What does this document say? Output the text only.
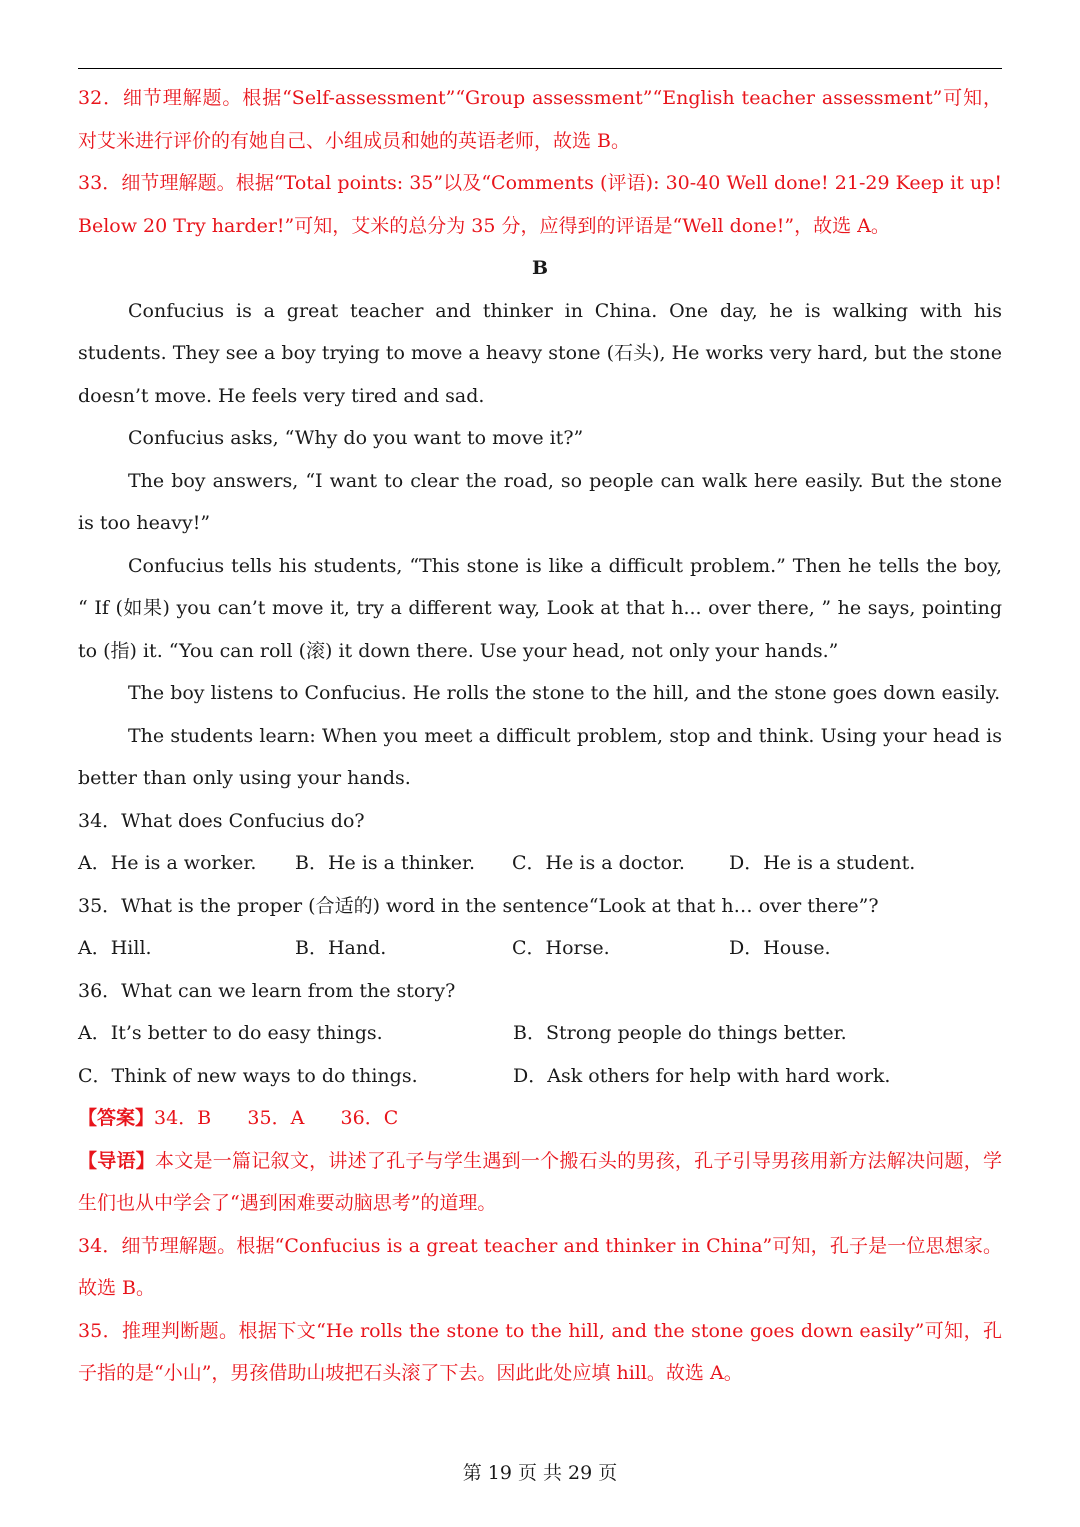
32．细节理解题。根据“Self-assessment”“Group assessment”“English teacher assessment”可知，对艾米进行评价的有她自己、小组成员和她的英语老师，故选 B。

33．细节理解题。根据“Total points: 35”以及“Comments (评语): 30-40 Well done! 21-29 Keep it up! Below 20 Try harder!”可知，艾米的总分为 35 分，应得到的评语是“Well done!”，故选 A。

B

Confucius is a great teacher and thinker in China. One day, he is walking with his students. They see a boy trying to move a heavy stone (石头), He works very hard, but the stone doesn’t move. He feels very tired and sad.

Confucius asks, “Why do you want to move it?”

The boy answers, “I want to clear the road, so people can walk here easily. But the stone is too heavy!”

Confucius tells his students, “This stone is like a difficult problem.” Then he tells the boy, “ If (如果) you can’t move it, try a different way, Look at that h... over there, ” he says, pointing to (指) it. “You can roll (滚) it down there. Use your head, not only your hands.”

The boy listens to Confucius. He rolls the stone to the hill, and the stone goes down easily.

The students learn: When you meet a difficult problem, stop and think. Using your head is better than only using your hands.

34．What does Confucius do?

A．He is a worker.	B．He is a thinker.	C．He is a doctor.	D．He is a student.

35．What is the proper (合适的) word in the sentence“Look at that h… over there”?

A．Hill.	B．Hand.	C．Horse.	D．House.

36．What can we learn from the story?

A．It’s better to do easy things.	B．Strong people do things better.
C．Think of new ways to do things.	D．Ask others for help with hard work.

【答案】34．B      35．A      36．C

【导语】本文是一篇记叙文，讲述了孔子与学生遇到一个搬石头的男孩，孔子引导男孩用新方法解决问题，学生们也从中学会了“遇到困难要动脑思考”的道理。

34．细节理解题。根据“Confucius is a great teacher and thinker in China”可知，孔子是一位思想家。故选 B。

35．推理判断题。根据下文“He rolls the stone to the hill, and the stone goes down easily”可知，孔子指的是“小山”，男孩借助山坡把石头滚了下去。因此此处应填 hill。故选 A。

第 19 页 共 29 页
